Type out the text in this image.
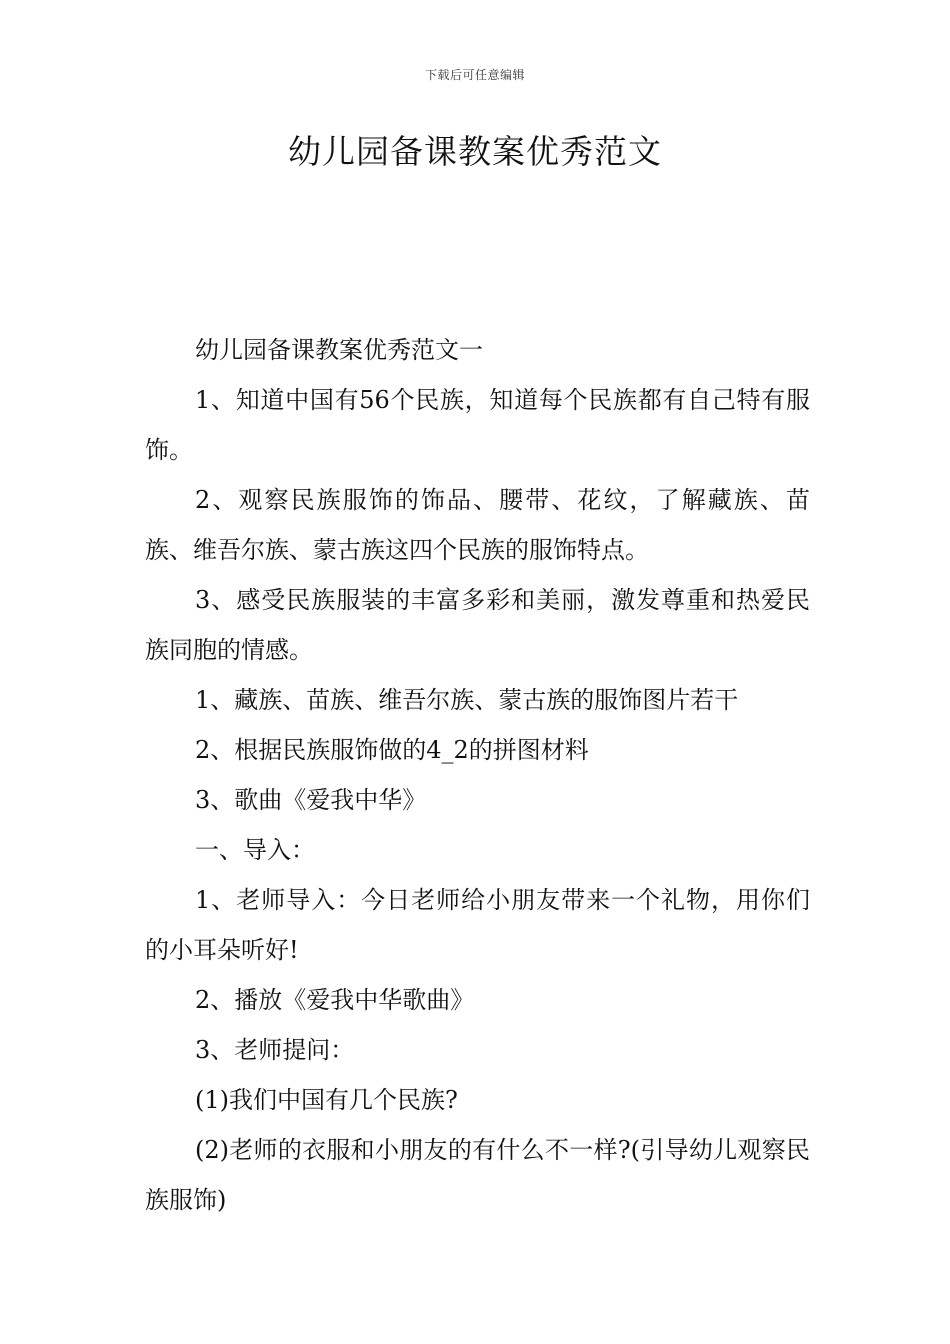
下载后可任意编辑
幼儿园备课教案优秀范文

幼儿园备课教案优秀范文一

1、知道中国有56个民族，知道每个民族都有自己特有服饰。

2、观察民族服饰的饰品、腰带、花纹，了解藏族、苗族、维吾尔族、蒙古族这四个民族的服饰特点。

3、感受民族服装的丰富多彩和美丽，激发尊重和热爱民族同胞的情感。

1、藏族、苗族、维吾尔族、蒙古族的服饰图片若干

2、根据民族服饰做的4_2的拼图材料

3、歌曲《爱我中华》

一、导入：

1、老师导入：今日老师给小朋友带来一个礼物，用你们的小耳朵听好!

2、播放《爱我中华歌曲》

3、老师提问：

(1)我们中国有几个民族?

(2)老师的衣服和小朋友的有什么不一样?(引导幼儿观察民族服饰)
